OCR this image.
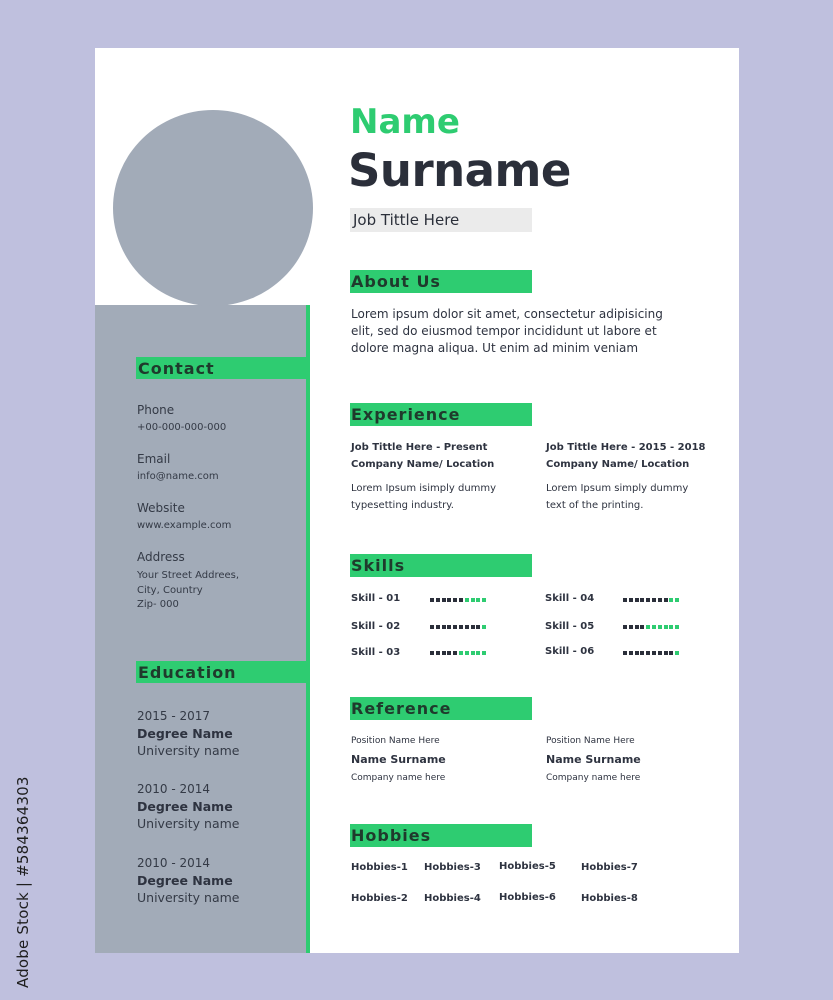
Adobe Stock | #584364303
Contact
Phone
+00-000-000-000
Email
info@name.com
Website
www.example.com
Address
Your Street Addrees,
City, Country
Zip- 000
Education
2015 - 2017
Degree Name
University name
2010 - 2014
Degree Name
University name
2010 - 2014
Degree Name
University name
Name
Surname
Job Tittle Here
About Us
Lorem ipsum dolor sit amet, consectetur adipisicing
elit, sed do eiusmod tempor incididunt ut labore et
dolore magna aliqua. Ut enim ad minim veniam
Experience
Job Tittle Here - Present
Company Name/ Location
Lorem Ipsum isimply dummy
typesetting industry.
Job Tittle Here - 2015 - 2018
Company Name/ Location
Lorem Ipsum simply dummy
text of the printing.
Skills
Skill - 01
Skill - 02
Skill - 03
Skill - 04
Skill - 05
Skill - 06
Reference
Position Name Here
Name Surname
Company name here
Position Name Here
Name Surname
Company name here
Hobbies
Hobbies-1
Hobbies-2
Hobbies-3
Hobbies-4
Hobbies-5
Hobbies-6
Hobbies-7
Hobbies-8
